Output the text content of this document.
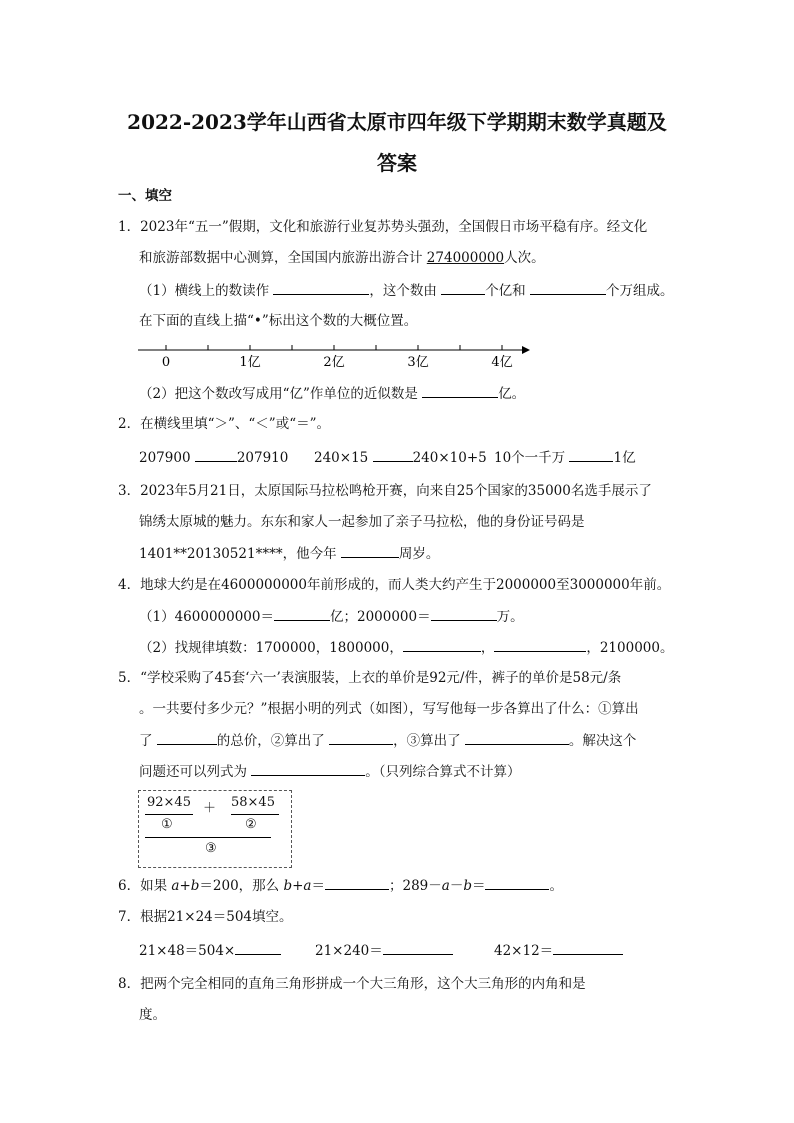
2022-2023学年山西省太原市四年级下学期期末数学真题及
答案
一、填空
1．2023年“五一”假期，文化和旅游行业复苏势头强劲，全国假日市场平稳有序。经文化
和旅游部数据中心测算，全国国内旅游出游合计 274000000人次。
（1）横线上的数读作	，这个数由	个亿和	个万组成。
在下面的直线上描“•”标出这个数的大概位置。
0	1亿	2亿	3亿	4亿
（2）把这个数改写成用“亿”作单位的近似数是	亿。
2．在横线里填“＞”、“＜”或“＝”。
207900	207910 240×15	240×10+5 10个一千万	1亿
3．2023年5月21日，太原国际马拉松鸣枪开赛，向来自25个国家的35000名选手展示了
锦绣太原城的魅力。东东和家人一起参加了亲子马拉松，他的身份证号码是
1401**20130521****，他今年	周岁。
4．地球大约是在4600000000年前形成的，而人类大约产生于2000000至3000000年前。
（1）4600000000＝	亿；2000000＝	万。
（2）找规律填数：1700000，1800000，	，	，2100000。
5．“学校采购了45套‘六一’表演服装，上衣的单价是92元/件，裤子的单价是58元/条
。一共要付多少元？”根据小明的列式（如图），写写他每一步各算出了什么：①算出
了	的总价，②算出了	，③算出了	。解决这个
问题还可以列式为	。（只列综合算式不计算）
92×45 ＋ 58×45
①	②
③
6．如果 a+b＝200，那么 b+a＝	；289－a－b＝	。
7．根据21×24＝504填空。
21×48＝504×	21×240＝	42×12＝
8．把两个完全相同的直角三角形拼成一个大三角形，这个大三角形的内角和是
度。
